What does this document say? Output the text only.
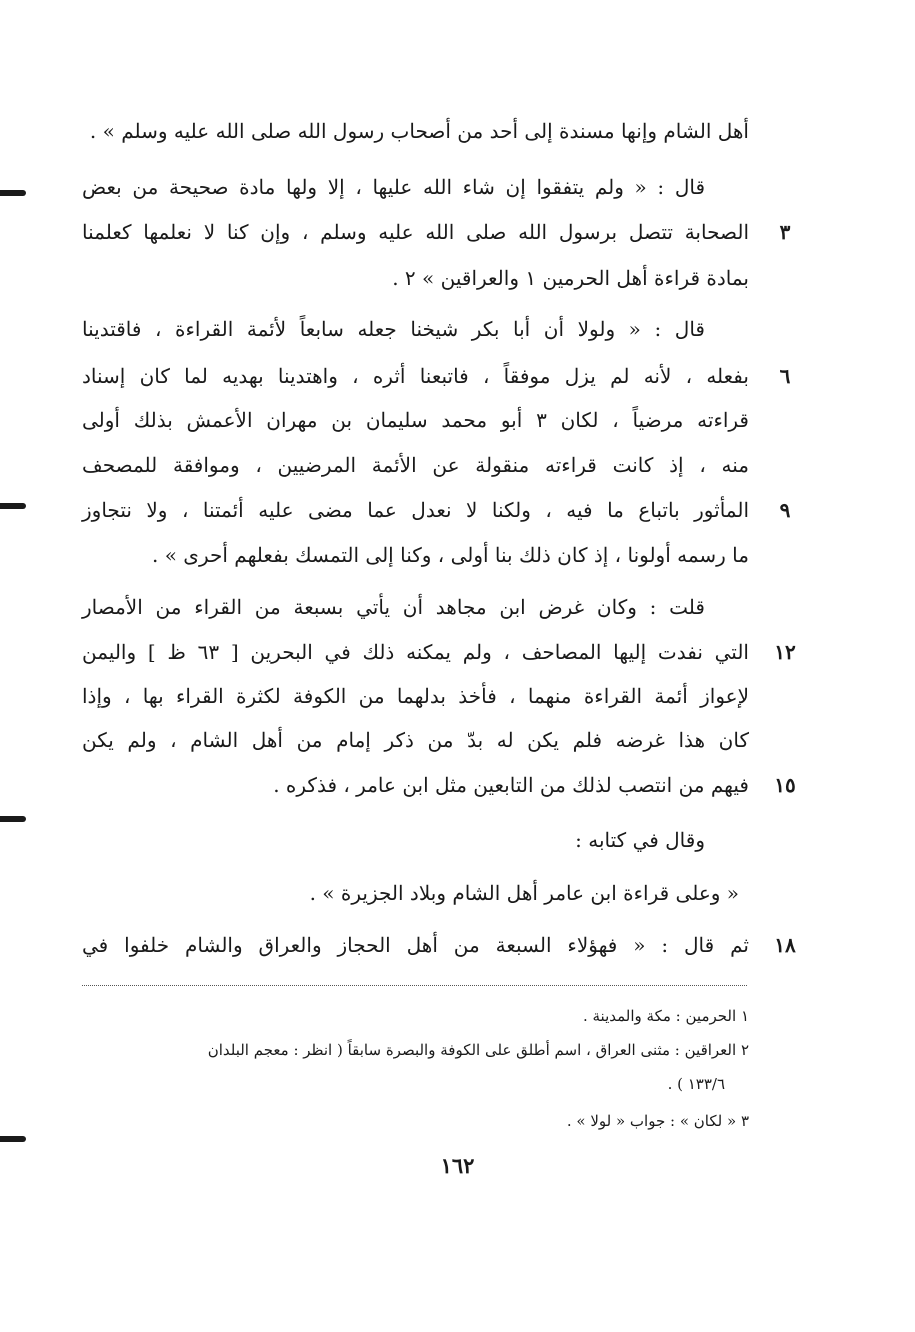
أهل الشام وإنها مسندة إلى أحد من أصحاب رسول الله صلى الله عليه وسلم » .
قال : « ولم يتفقوا إن شاء الله عليها ، إلا ولها مادة صحيحة من بعض
الصحابة تتصل برسول الله صلى الله عليه وسلم ، وإن كنا لا نعلمها كعلمنا	٣
بمادة قراءة أهل الحرمين ١ والعراقين » ٢ .
قال : « ولولا أن أبا بكر شيخنا جعله سابعاً لأئمة القراءة ، فاقتدينا
بفعله ، لأنه لم يزل موفقاً ، فاتبعنا أثره ، واهتدينا بهديه لما كان إسناد	٦
قراءته مرضياً ، لكان ٣ أبو محمد سليمان بن مهران الأعمش بذلك أولى
منه ، إذ كانت قراءته منقولة عن الأئمة المرضيين ، وموافقة للمصحف
المأثور باتباع ما فيه ، ولكنا لا نعدل عما مضى عليه أئمتنا ، ولا نتجاوز	٩
ما رسمه أولونا ، إذ كان ذلك بنا أولى ، وكنا إلى التمسك بفعلهم أحرى » .
قلت : وكان غرض ابن مجاهد أن يأتي بسبعة من القراء من الأمصار
التي نفدت إليها المصاحف ، ولم يمكنه ذلك في البحرين [ ٦٣ ظ ] واليمن ١٢
لإعواز أئمة القراءة منهما ، فأخذ بدلهما من الكوفة لكثرة القراء بها ، وإذا
كان هذا غرضه فلم يكن له بدّ من ذكر إمام من أهل الشام ، ولم يكن
فيهم من انتصب لذلك من التابعين مثل ابن عامر ، فذكره . ١٥
وقال في كتابه :
« وعلى قراءة ابن عامر أهل الشام وبلاد الجزيرة » .
ثم قال : « فهؤلاء السبعة من أهل الحجاز والعراق والشام خلفوا في ١٨
١ الحرمين : مكة والمدينة .
٢ العراقين : مثنى العراق ، اسم أطلق على الكوفة والبصرة سابقاً ( انظر : معجم البلدان
١٣٣/٦ ) .
٣ « لكان » : جواب « لولا » .
١٦٢
